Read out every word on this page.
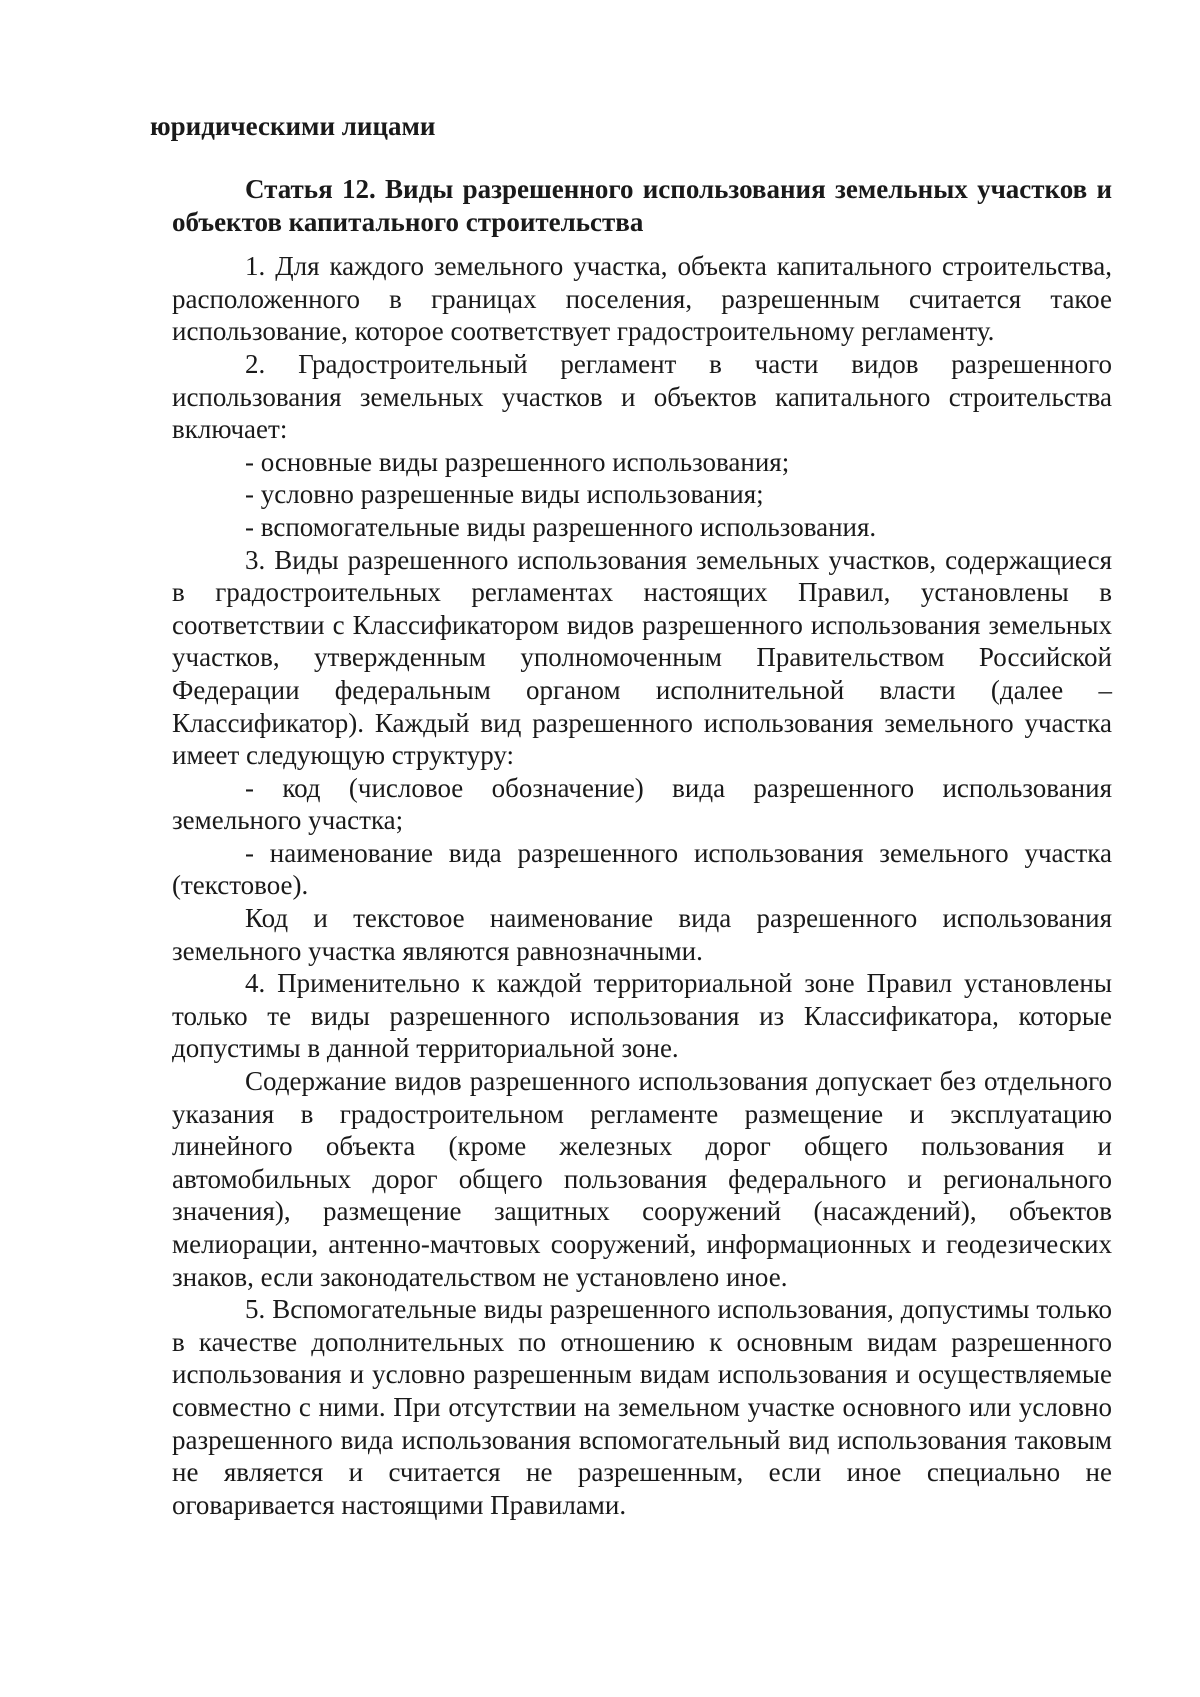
юридическими лицами

Статья 12. Виды разрешенного использования земельных участков и объектов капитального строительства

1. Для каждого земельного участка, объекта капитального строительства, расположенного в границах поселения, разрешенным считается такое использование, которое соответствует градостроительному регламенту.

2. Градостроительный регламент в части видов разрешенного использования земельных участков и объектов капитального строительства включает:

- основные виды разрешенного использования;

- условно разрешенные виды использования;

- вспомогательные виды разрешенного использования.

3. Виды разрешенного использования земельных участков, содержащиеся в градостроительных регламентах настоящих Правил, установлены в соответствии с Классификатором видов разрешенного использования земельных участков, утвержденным уполномоченным Правительством Российской Федерации федеральным органом исполнительной власти (далее – Классификатор). Каждый вид разрешенного использования земельного участка имеет следующую структуру:

- код (числовое обозначение) вида разрешенного использования земельного участка;

- наименование вида разрешенного использования земельного участка (текстовое).

Код и текстовое наименование вида разрешенного использования земельного участка являются равнозначными.

4. Применительно к каждой территориальной зоне Правил установлены только те виды разрешенного использования из Классификатора, которые допустимы в данной территориальной зоне.

Содержание видов разрешенного использования допускает без отдельного указания в градостроительном регламенте размещение и эксплуатацию линейного объекта (кроме железных дорог общего пользования и автомобильных дорог общего пользования федерального и регионального значения), размещение защитных сооружений (насаждений), объектов мелиорации, антенно-мачтовых сооружений, информационных и геодезических знаков, если законодательством не установлено иное.

5. Вспомогательные виды разрешенного использования, допустимы только в качестве дополнительных по отношению к основным видам разрешенного использования и условно разрешенным видам использования и осуществляемые совместно с ними. При отсутствии на земельном участке основного или условно разрешенного вида использования вспомогательный вид использования таковым не является и считается не разрешенным, если иное специально не оговаривается настоящими Правилами.
